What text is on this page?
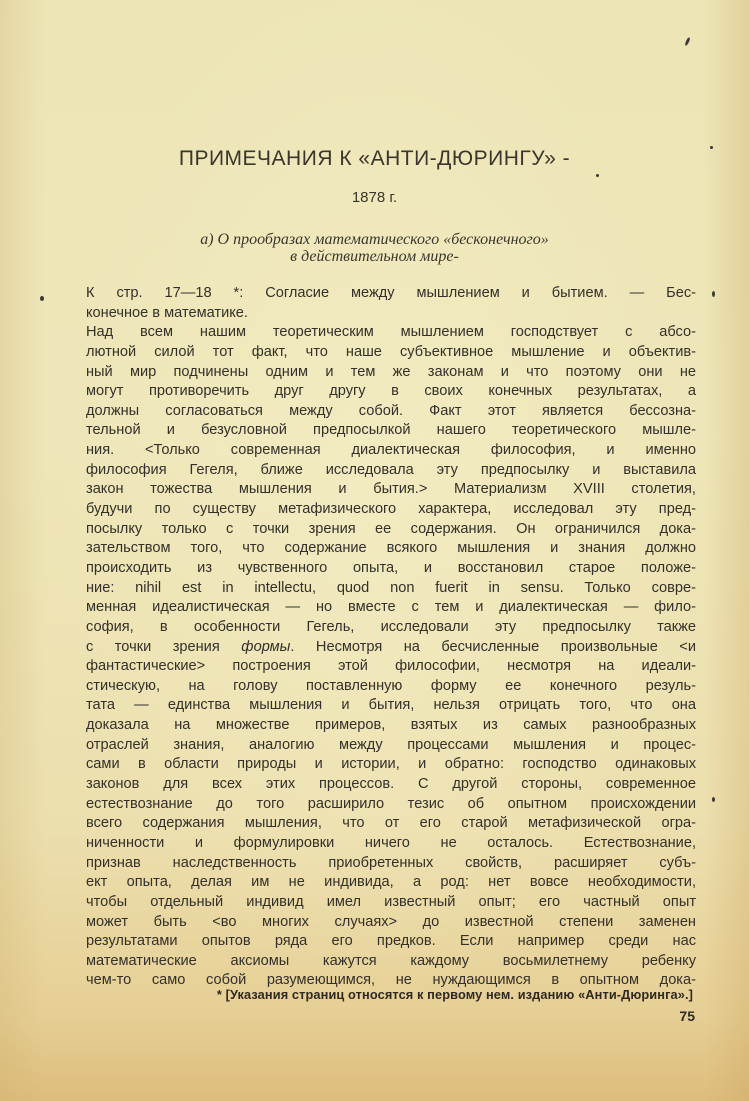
ПРИМЕЧАНИЯ К «АНТИ-ДЮРИНГУ» -
1878 г.
а) О прообразах математического «бесконечного»
в действительном мире-
К стр. 17—18 *: Согласие между мышлением и бытием. — Бес-
конечное в математике.
Над всем нашим теоретическим мышлением господствует с абсо-
лютной силой тот факт, что наше субъективное мышление и объектив-
ный мир подчинены одним и тем же законам и что поэтому они не
могут противоречить друг другу в своих конечных результатах, а
должны согласоваться между собой. Факт этот является бессозна-
тельной и безусловной предпосылкой нашего теоретического мышле-
ния. <Только современная диалектическая философия, и именно
философия Гегеля, ближе исследовала эту предпосылку и выставила
закон тожества мышления и бытия.> Материализм XVIII столетия,
будучи по существу метафизического характера, исследовал эту пред-
посылку только с точки зрения ее содержания. Он ограничился дока-
зательством того, что содержание всякого мышления и знания должно
происходить из чувственного опыта, и восстановил старое положе-
ние: nihil est in intellectu, quod non fuerit in sensu. Только совре-
менная идеалистическая — но вместе с тем и диалектическая — фило-
софия, в особенности Гегель, исследовали эту предпосылку также
с точки зрения формы. Несмотря на бесчисленные произвольные <и
фантастические> построения этой философии, несмотря на идеали-
стическую, на голову поставленную форму ее конечного резуль-
тата — единства мышления и бытия, нельзя отрицать того, что она
доказала на множестве примеров, взятых из самых разнообразных
отраслей знания, аналогию между процессами мышления и процес-
сами в области природы и истории, и обратно: господство одинаковых
законов для всех этих процессов. С другой стороны, современное
естествознание до того расширило тезис об опытном происхождении
всего содержания мышления, что от его старой метафизической огра-
ниченности и формулировки ничего не осталось. Естествознание,
признав наследственность приобретенных свойств, расширяет субъ-
ект опыта, делая им не индивида, а род: нет вовсе необходимости,
чтобы отдельный индивид имел известный опыт; его частный опыт
может быть <во многих случаях> до известной степени заменен
результатами опытов ряда его предков. Если например среди нас
математические аксиомы кажутся каждому восьмилетнему ребенку
чем-то само собой разумеющимся, не нуждающимся в опытном дока-
* [Указания страниц относятся к первому нем. изданию «Анти-Дюринга».]
75
